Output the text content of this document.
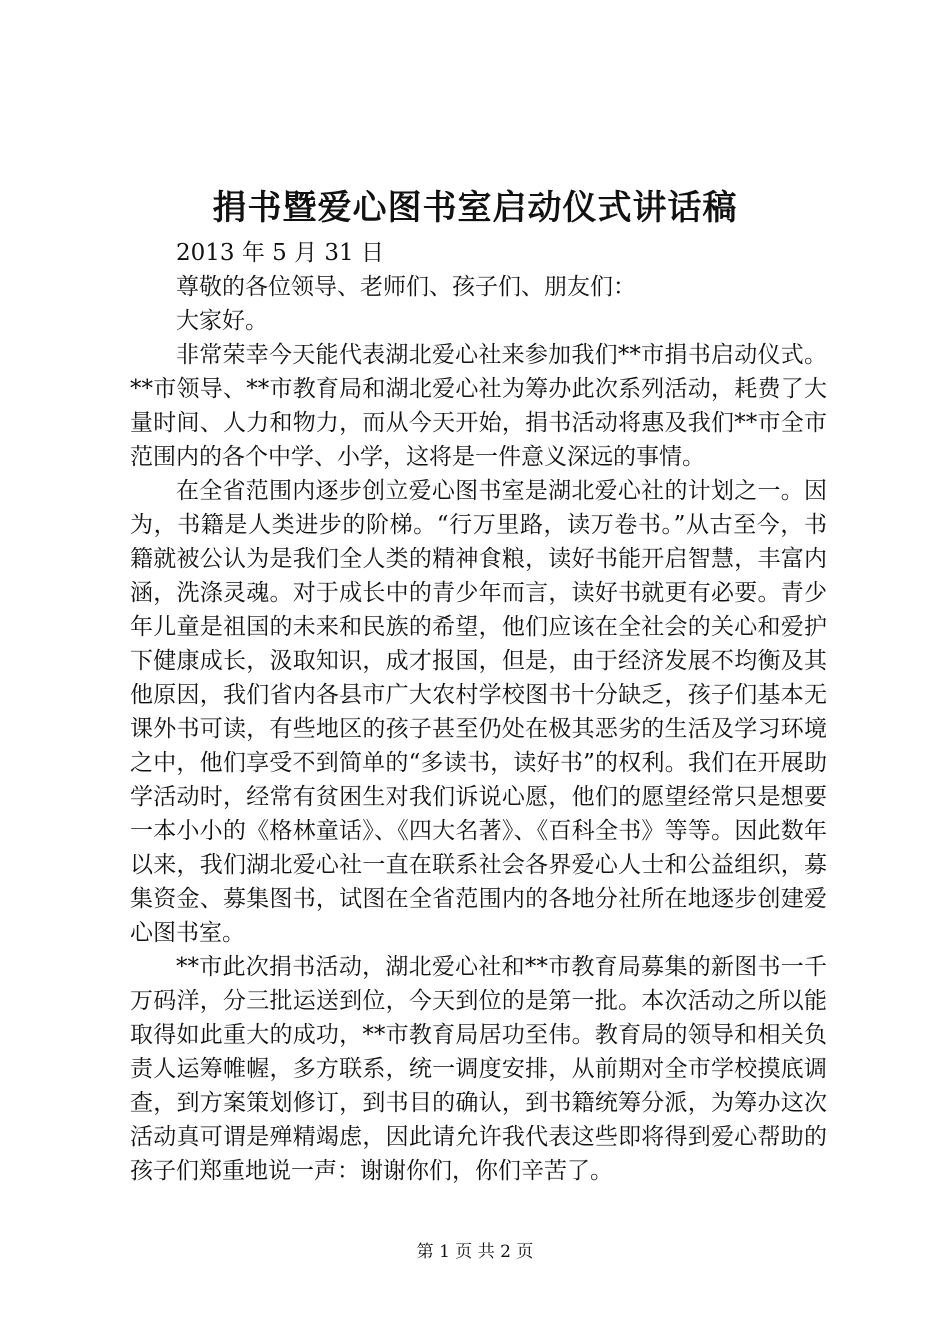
捐书暨爱心图书室启动仪式讲话稿

2013 年 5 月 31 日

尊敬的各位领导、老师们、孩子们、朋友们：

大家好。

非常荣幸今天能代表湖北爱心社来参加我们**市捐书启动仪式。**市领导、**市教育局和湖北爱心社为筹办此次系列活动，耗费了大量时间、人力和物力，而从今天开始，捐书活动将惠及我们**市全市范围内的各个中学、小学，这将是一件意义深远的事情。

在全省范围内逐步创立爱心图书室是湖北爱心社的计划之一。因为，书籍是人类进步的阶梯。“行万里路，读万卷书。”从古至今，书籍就被公认为是我们全人类的精神食粮，读好书能开启智慧，丰富内涵，洗涤灵魂。对于成长中的青少年而言，读好书就更有必要。青少年儿童是祖国的未来和民族的希望，他们应该在全社会的关心和爱护下健康成长，汲取知识，成才报国，但是，由于经济发展不均衡及其他原因，我们省内各县市广大农村学校图书十分缺乏，孩子们基本无课外书可读，有些地区的孩子甚至仍处在极其恶劣的生活及学习环境之中，他们享受不到简单的“多读书，读好书”的权利。我们在开展助学活动时，经常有贫困生对我们诉说心愿，他们的愿望经常只是想要一本小小的《格林童话》、《四大名著》、《百科全书》等等。因此数年以来，我们湖北爱心社一直在联系社会各界爱心人士和公益组织，募集资金、募集图书，试图在全省范围内的各地分社所在地逐步创建爱心图书室。

**市此次捐书活动，湖北爱心社和**市教育局募集的新图书一千万码洋，分三批运送到位，今天到位的是第一批。本次活动之所以能取得如此重大的成功，**市教育局居功至伟。教育局的领导和相关负责人运筹帷幄，多方联系，统一调度安排，从前期对全市学校摸底调查，到方案策划修订，到书目的确认，到书籍统筹分派，为筹办这次活动真可谓是殚精竭虑，因此请允许我代表这些即将得到爱心帮助的孩子们郑重地说一声：谢谢你们，你们辛苦了。

第 1 页 共 2 页
